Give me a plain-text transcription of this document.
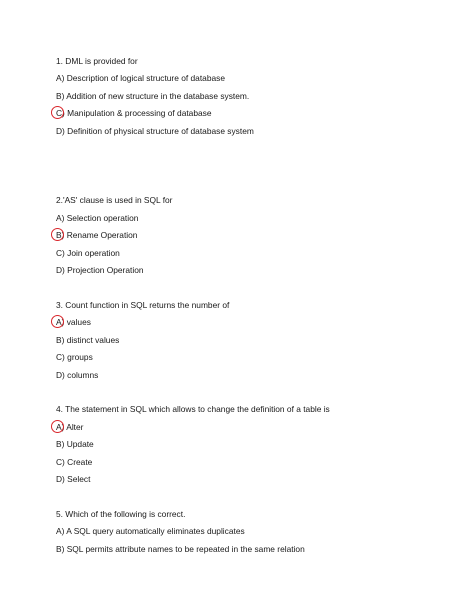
1. DML is provided for
A) Description of logical structure of database
B) Addition of new structure in the database system.
C) Manipulation & processing of database
D) Definition of physical structure of database system
2.'AS' clause is used in SQL for
A) Selection operation
B) Rename Operation
C) Join operation
D) Projection Operation
3. Count function in SQL returns the number of
A) values
B) distinct values
C) groups
D) columns
4. The statement in SQL which allows to change the definition of a table is
A) Alter
B) Update
C) Create
D) Select
5. Which of the following is correct.
A) A SQL query automatically eliminates duplicates
B) SQL permits attribute names to be repeated in the same relation
